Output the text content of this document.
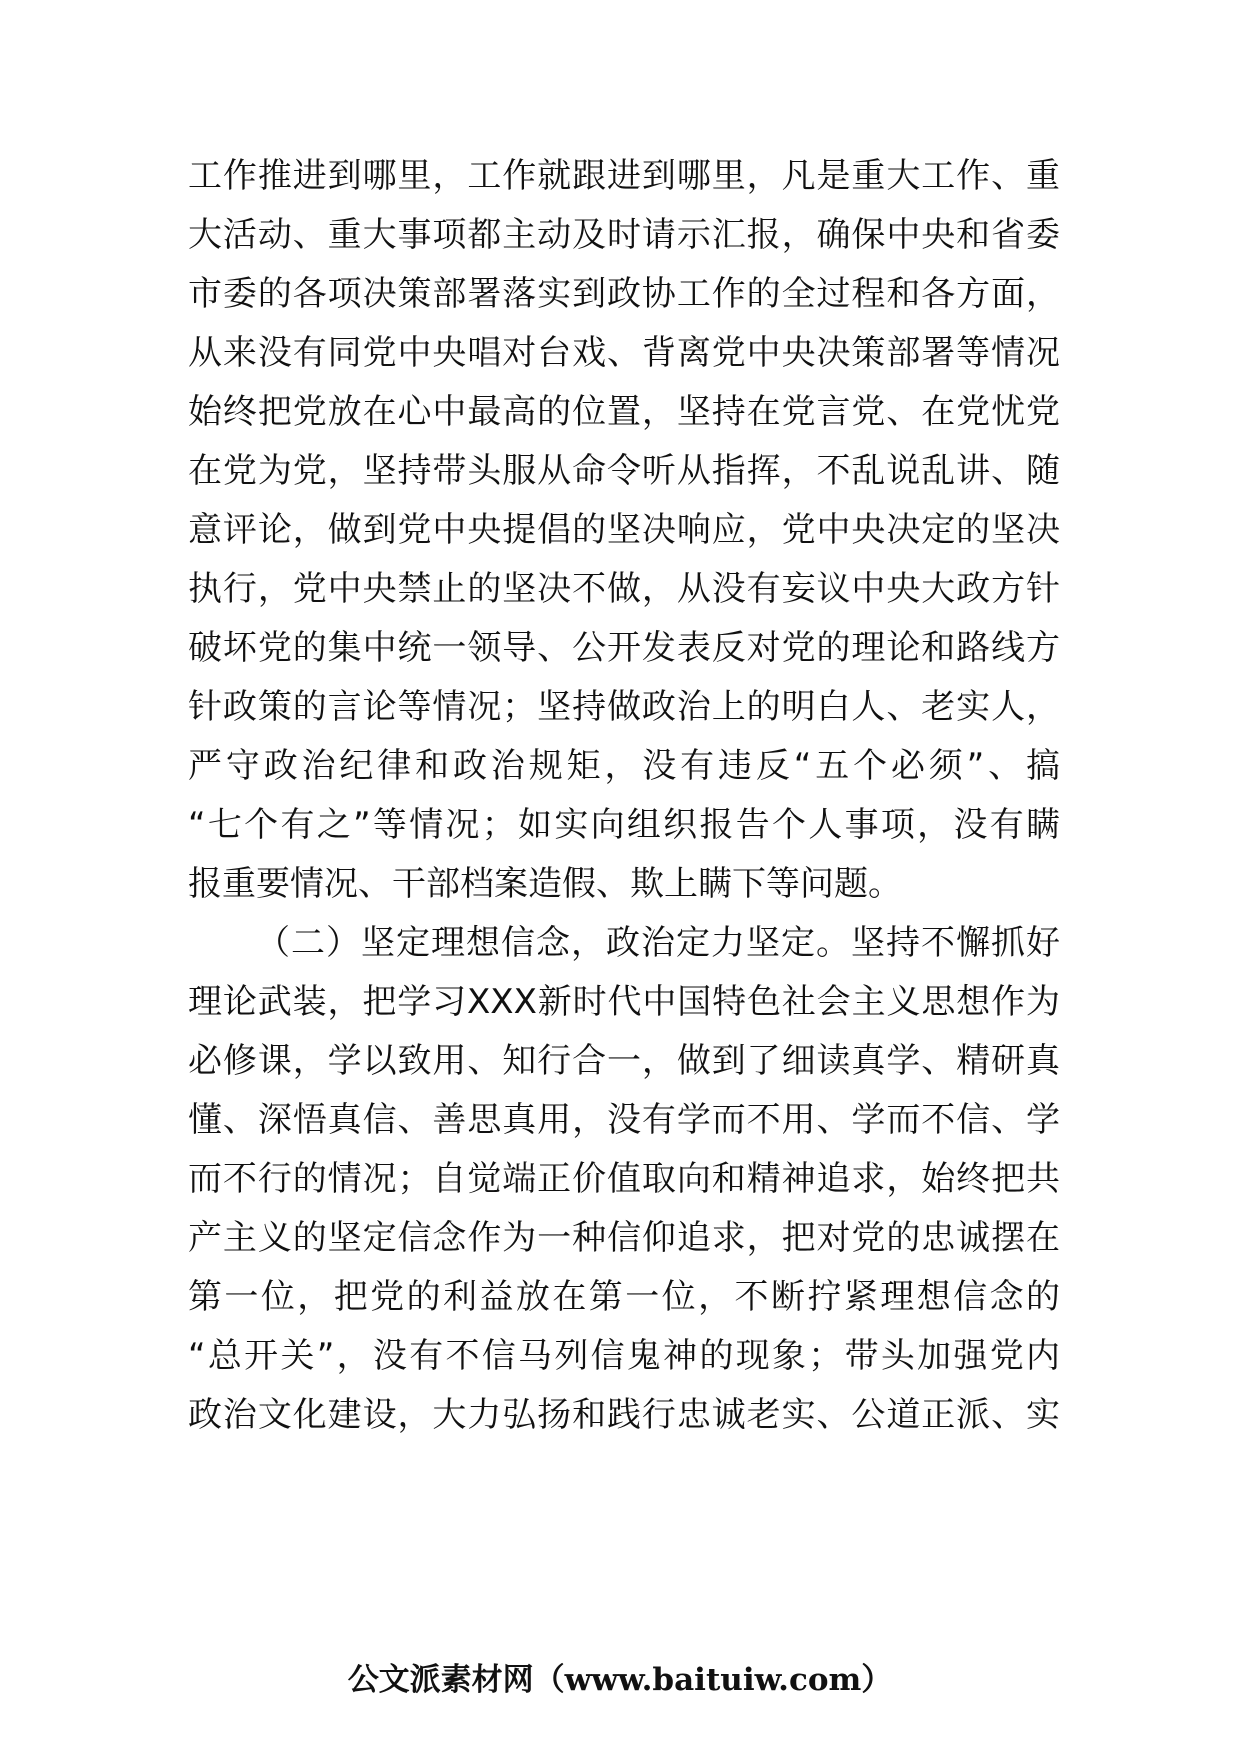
工作推进到哪里，工作就跟进到哪里，凡是重大工作、重
大活动、重大事项都主动及时请示汇报，确保中央和省委
市委的各项决策部署落实到政协工作的全过程和各方面，
从来没有同党中央唱对台戏、背离党中央决策部署等情况
始终把党放在心中最高的位置，坚持在党言党、在党忧党
在党为党，坚持带头服从命令听从指挥，不乱说乱讲、随
意评论，做到党中央提倡的坚决响应，党中央决定的坚决
执行，党中央禁止的坚决不做，从没有妄议中央大政方针
破坏党的集中统一领导、公开发表反对党的理论和路线方
针政策的言论等情况；坚持做政治上的明白人、老实人，
严守政治纪律和政治规矩，没有违反“五个必须”、搞
“七个有之”等情况；如实向组织报告个人事项，没有瞒
报重要情况、干部档案造假、欺上瞒下等问题。
（二）坚定理想信念，政治定力坚定。坚持不懈抓好
理论武装，把学习XXX新时代中国特色社会主义思想作为
必修课，学以致用、知行合一，做到了细读真学、精研真
懂、深悟真信、善思真用，没有学而不用、学而不信、学
而不行的情况；自觉端正价值取向和精神追求，始终把共
产主义的坚定信念作为一种信仰追求，把对党的忠诚摆在
第一位，把党的利益放在第一位，不断拧紧理想信念的
“总开关”，没有不信马列信鬼神的现象；带头加强党内
政治文化建设，大力弘扬和践行忠诚老实、公道正派、实
公文派素材网（www.baituiw.com）
